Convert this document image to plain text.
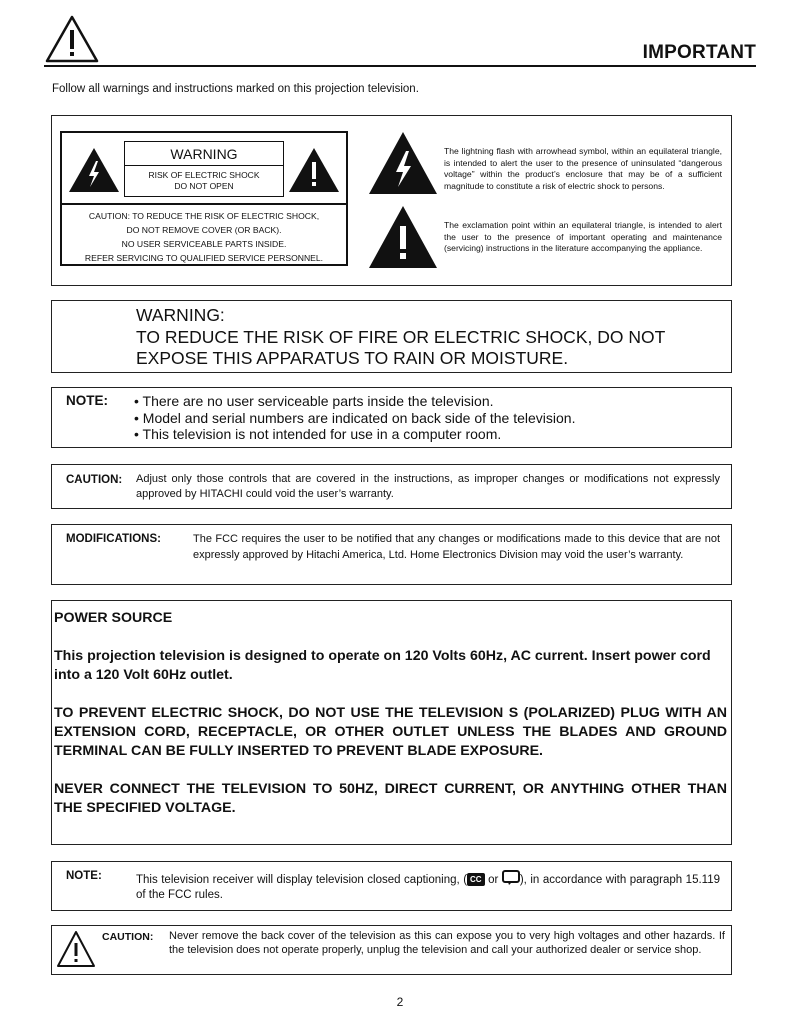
IMPORTANT
Follow all warnings and instructions marked on this projection television.
WARNING
RISK OF ELECTRIC SHOCK
DO NOT OPEN
CAUTION: TO REDUCE THE RISK OF ELECTRIC SHOCK,
DO NOT REMOVE COVER (OR BACK).
NO USER SERVICEABLE PARTS INSIDE.
REFER SERVICING TO QUALIFIED SERVICE PERSONNEL.
The lightning flash with arrowhead symbol, within an equilateral triangle, is intended to alert the user to the presence of uninsulated “dangerous voltage” within the product’s enclosure that may be of a sufficient magnitude to constitute a risk of electric shock to persons.
The exclamation point within an equilateral triangle, is intended to alert the user to the presence of important operating and maintenance (servicing) instructions in the literature accompanying the appliance.
WARNING:
TO REDUCE THE RISK OF FIRE OR ELECTRIC SHOCK, DO NOT
EXPOSE THIS APPARATUS TO RAIN OR MOISTURE.
NOTE: • There are no user serviceable parts inside the television.
• Model and serial numbers are indicated on back side of the television.
• This television is not intended for use in a computer room.
CAUTION: Adjust only those controls that are covered in the instructions, as improper changes or modifications not expressly approved by HITACHI could void the user’s warranty.
MODIFICATIONS:	The FCC requires the user to be notified that any changes or modifications made to this device that are not expressly approved by Hitachi America, Ltd. Home Electronics Division may void the user’s warranty.

POWER SOURCE

This projection television is designed to operate on 120 Volts 60Hz, AC current. Insert power cord into a 120 Volt 60Hz outlet.

TO PREVENT ELECTRIC SHOCK, DO NOT USE THE TELEVISION S (POLARIZED) PLUG WITH AN EXTENSION CORD, RECEPTACLE, OR OTHER OUTLET UNLESS THE BLADES AND GROUND TERMINAL CAN BE FULLY INSERTED TO PREVENT BLADE EXPOSURE.

NEVER CONNECT THE TELEVISION TO 50HZ, DIRECT CURRENT, OR ANYTHING OTHER THAN THE SPECIFIED VOLTAGE.

NOTE:	This television receiver will display television closed captioning, ( CC or ), in accordance with paragraph 15.119 of the FCC rules.
CAUTION: Never remove the back cover of the television as this can expose you to very high voltages and other hazards. If the television does not operate properly, unplug the television and call your authorized dealer or service shop.
2
